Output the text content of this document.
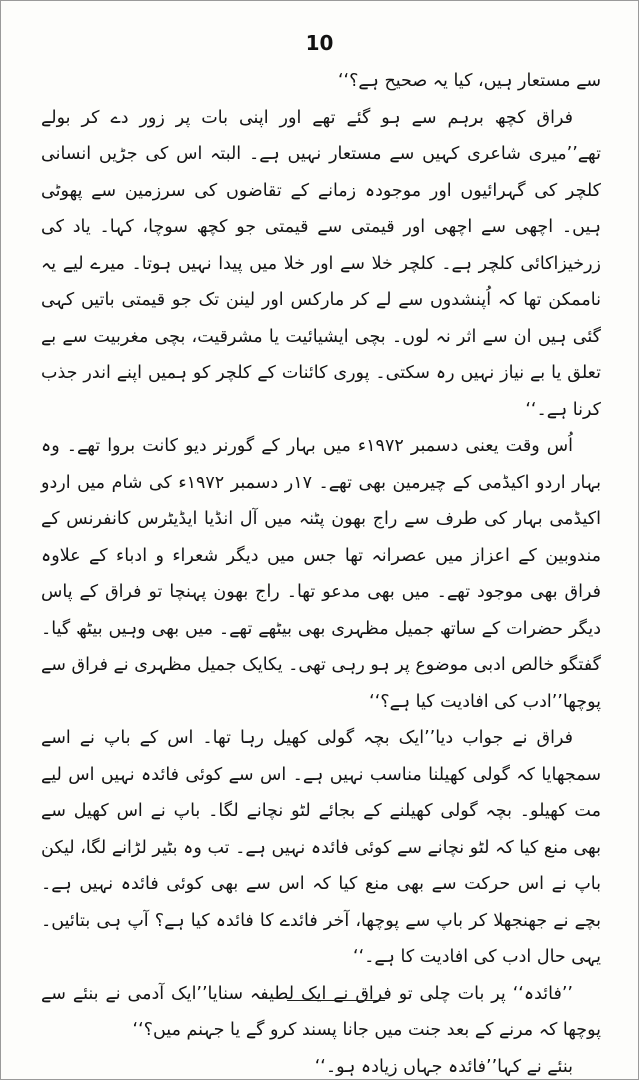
10

سے مستعار ہیں، کیا یہ صحیح ہے؟‘‘

فراق کچھ برہم سے ہو گئے تھے اور اپنی بات پر زور دے کر بولے تھے’’میری شاعری کہیں سے مستعار نہیں ہے۔ البتہ اس کی جڑیں انسانی کلچر کی گہرائیوں اور موجودہ زمانے کے تقاضوں کی سرزمین سے پھوٹی ہیں۔ اچھی سے اچھی اور قیمتی سے قیمتی جو کچھ سوچا، کہا۔ یاد کی زرخیزاکائی کلچر ہے۔ کلچر خلا سے اور خلا میں پیدا نہیں ہوتا۔ میرے لیے یہ ناممکن تھا کہ اُپنشدوں سے لے کر مارکس اور لینن تک جو قیمتی باتیں کہی گئی ہیں ان سے اثر نہ لوں۔ بچی ایشیائیت یا مشرقیت، بچی مغربیت سے بے تعلق یا بے نیاز نہیں رہ سکتی۔ پوری کائنات کے کلچر کو ہمیں اپنے اندر جذب کرنا ہے۔‘‘

اُس وقت یعنی دسمبر ۱۹۷۲ء میں بہار کے گورنر دیو کانت بروا تھے۔ وہ بہار اردو اکیڈمی کے چیرمین بھی تھے۔ ۱۷ر دسمبر ۱۹۷۲ء کی شام میں اردو اکیڈمی بہار کی طرف سے راج بھون پٹنہ میں آل انڈیا ایڈیٹرس کانفرنس کے مندوبین کے اعزاز میں عصرانہ تھا جس میں دیگر شعراء و ادباء کے علاوہ فراق بھی موجود تھے۔ میں بھی مدعو تھا۔ راج بھون پہنچا تو فراق کے پاس دیگر حضرات کے ساتھ جمیل مظہری بھی بیٹھے تھے۔ میں بھی وہیں بیٹھ گیا۔ گفتگو خالص ادبی موضوع پر ہو رہی تھی۔ یکایک جمیل مظہری نے فراق سے پوچھا’’ادب کی افادیت کیا ہے؟‘‘

فراق نے جواب دیا’’ایک بچہ گولی کھیل رہا تھا۔ اس کے باپ نے اسے سمجھایا کہ گولی کھیلنا مناسب نہیں ہے۔ اس سے کوئی فائدہ نہیں اس لیے مت کھیلو۔ بچہ گولی کھیلنے کے بجائے لٹو نچانے لگا۔ باپ نے اس کھیل سے بھی منع کیا کہ لٹو نچانے سے کوئی فائدہ نہیں ہے۔ تب وہ بٹیر لڑانے لگا، لیکن باپ نے اس حرکت سے بھی منع کیا کہ اس سے بھی کوئی فائدہ نہیں ہے۔ بچے نے جھنجھلا کر باپ سے پوچھا، آخر فائدے کا فائدہ کیا ہے؟ آپ ہی بتائیں۔ یہی حال ادب کی افادیت کا ہے۔‘‘

’’فائدہ‘‘ پر بات چلی تو فراق نے ایک لطیفہ سنایا’’ایک آدمی نے بنئے سے پوچھا کہ مرنے کے بعد جنت میں جانا پسند کرو گے یا جہنم میں؟‘‘

بنئے نے کہا’’فائدہ جہاں زیادہ ہو۔‘‘
